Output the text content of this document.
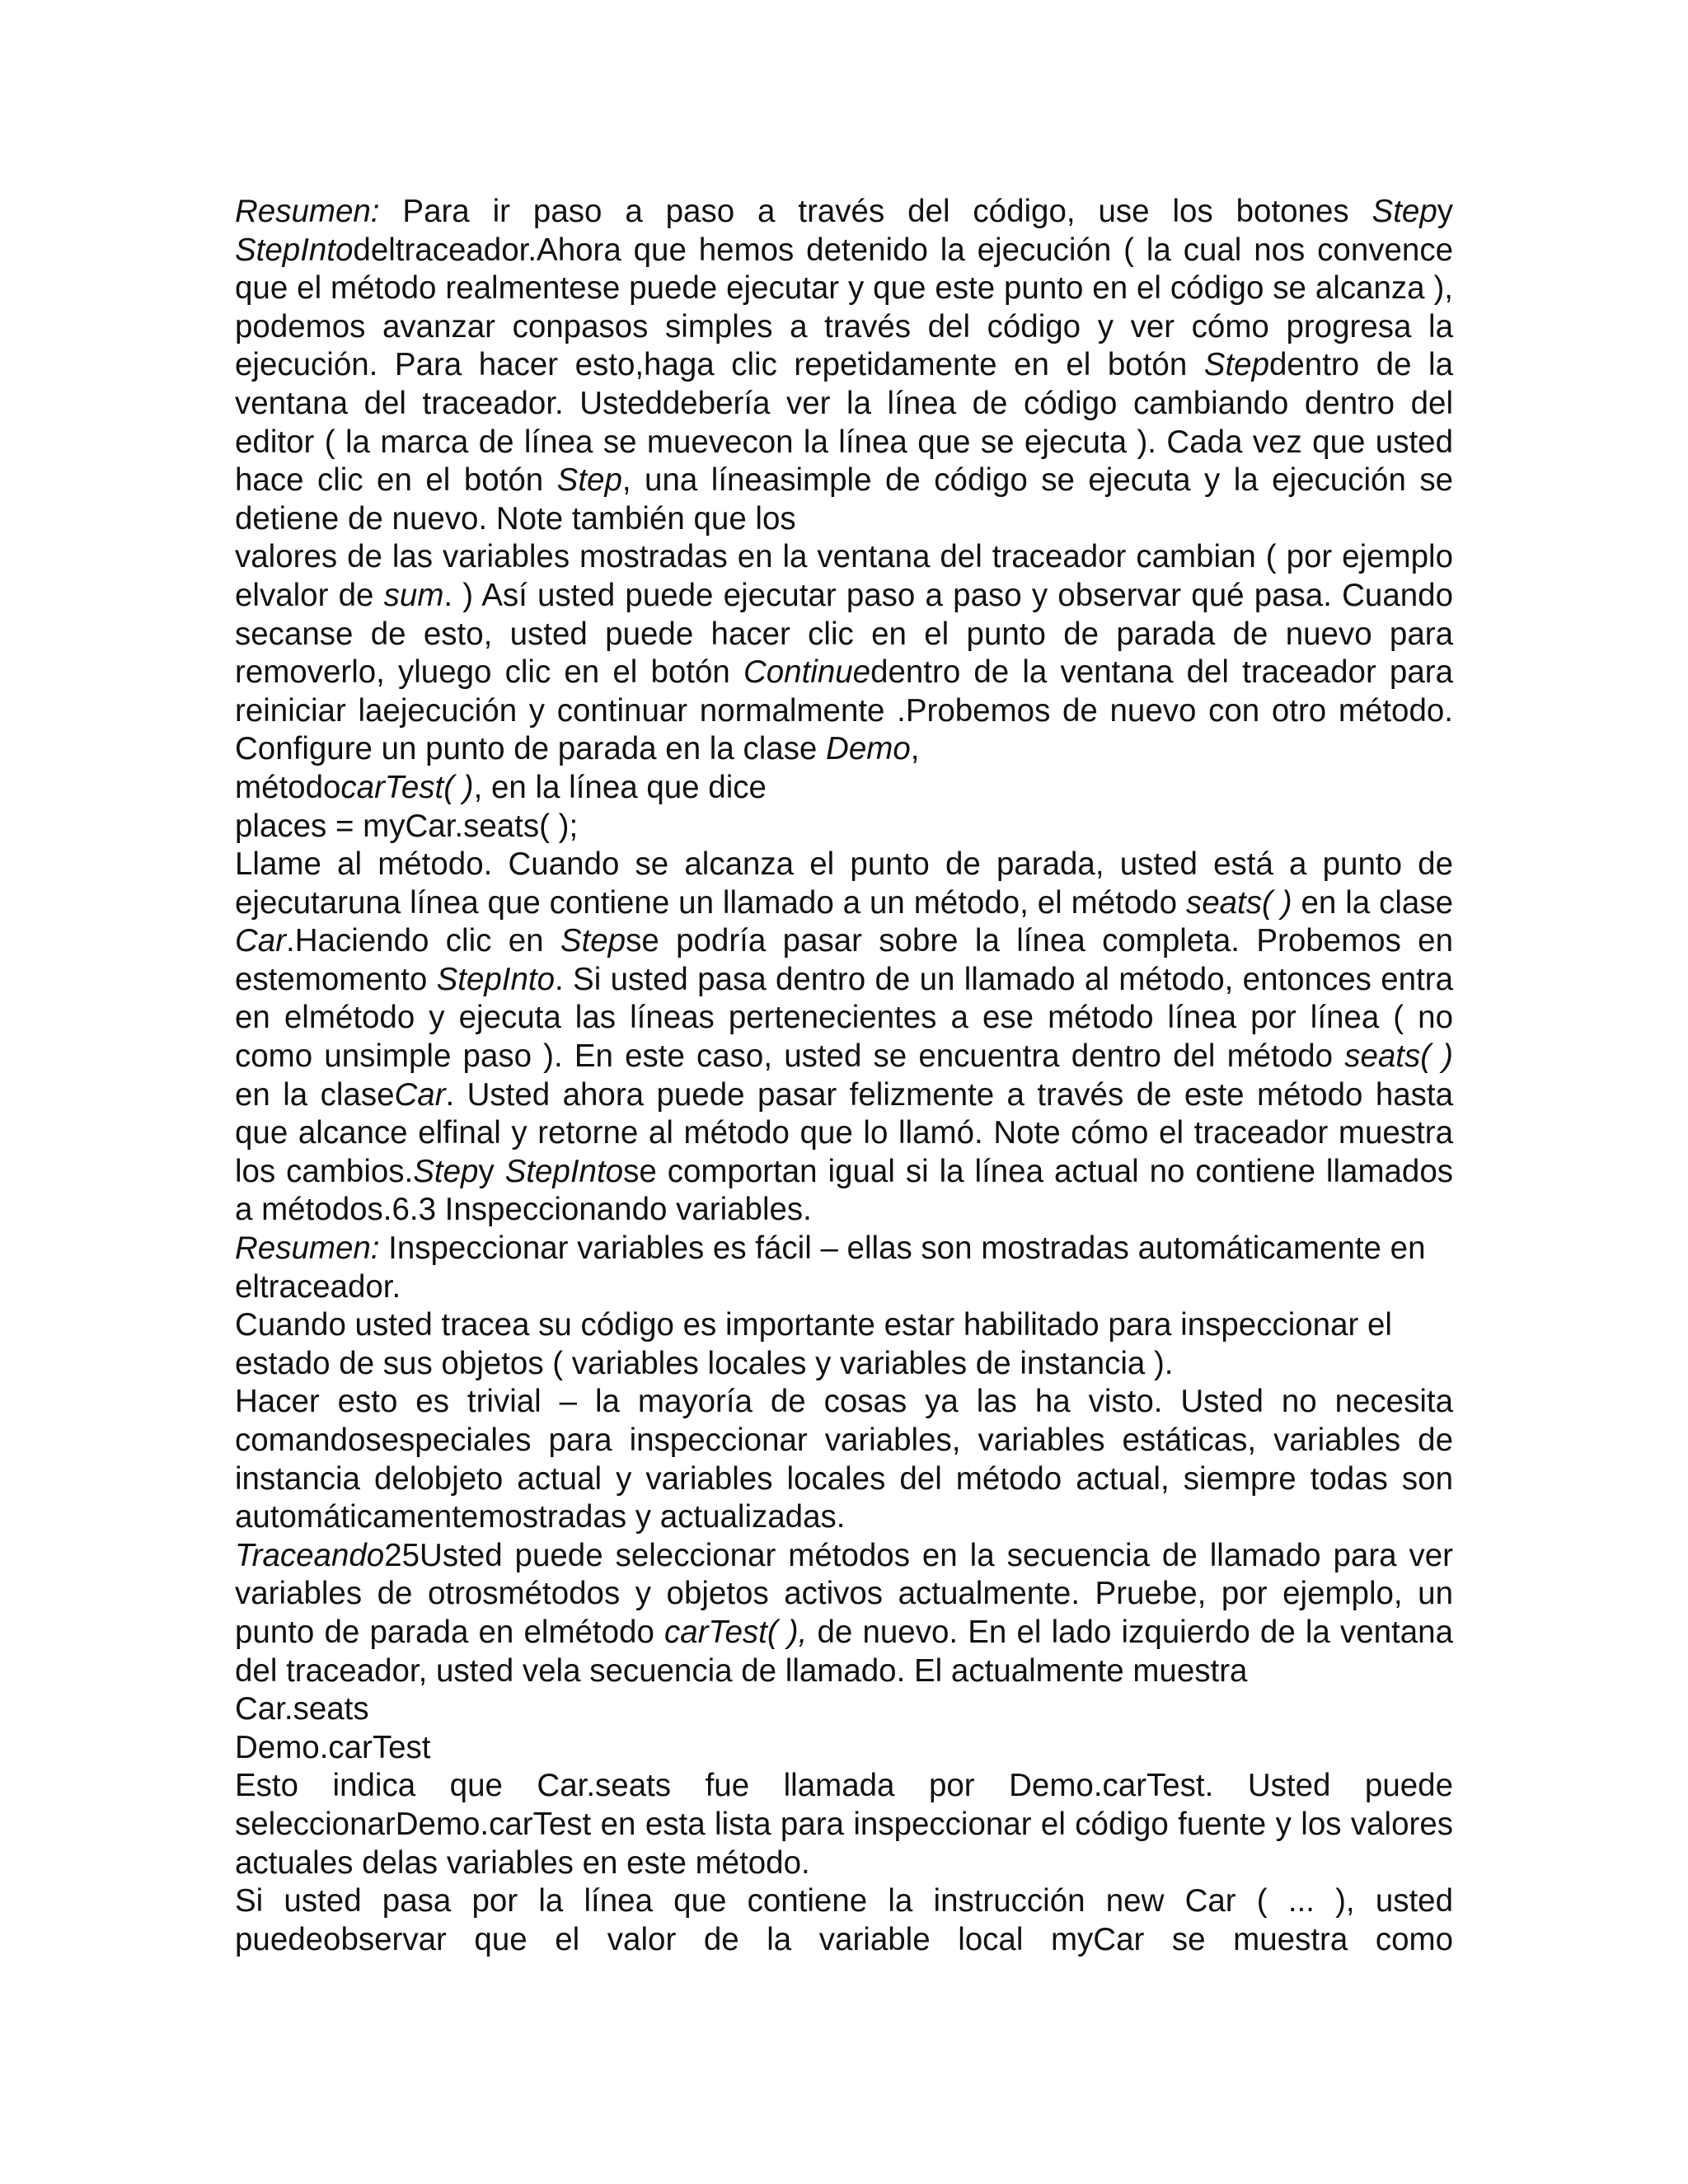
Resumen: Para ir paso a paso a través del código, use los botones Stepy StepIntodeltraceador.Ahora que hemos detenido la ejecución ( la cual nos convence que el método realmentese puede ejecutar y que este punto en el código se alcanza ), podemos avanzar conpasos simples a través del código y ver cómo progresa la ejecución. Para hacer esto,haga clic repetidamente en el botón Stepdentro de la ventana del traceador. Usteddebería ver la línea de código cambiando dentro del editor ( la marca de línea se muevecon la línea que se ejecuta ). Cada vez que usted hace clic en el botón Step, una líneasimple de código se ejecuta y la ejecución se detiene de nuevo. Note también que los

valores de las variables mostradas en la ventana del traceador cambian ( por ejemplo elvalor de sum. ) Así usted puede ejecutar paso a paso y observar qué pasa. Cuando secanse de esto, usted puede hacer clic en el punto de parada de nuevo para removerlo, yluego clic en el botón Continuedentro de la ventana del traceador para reiniciar laejecución y continuar normalmente .Probemos de nuevo con otro método. Configure un punto de parada en la clase Demo,

métodocarTest( ), en la línea que dice

places = myCar.seats( );

Llame al método. Cuando se alcanza el punto de parada, usted está a punto de ejecutaruna línea que contiene un llamado a un método, el método seats( ) en la clase Car.Haciendo clic en Stepse podría pasar sobre la línea completa. Probemos en estemomento StepInto. Si usted pasa dentro de un llamado al método, entonces entra en elmétodo y ejecuta las líneas pertenecientes a ese método línea por línea ( no como unsimple paso ). En este caso, usted se encuentra dentro del método seats( ) en la claseCar. Usted ahora puede pasar felizmente a través de este método hasta que alcance elfinal y retorne al método que lo llamó. Note cómo el traceador muestra los cambios.Stepy StepIntose comportan igual si la línea actual no contiene llamados a métodos.6.3 Inspeccionando variables.

Resumen: Inspeccionar variables es fácil – ellas son mostradas automáticamente en eltraceador.

Cuando usted tracea su código es importante estar habilitado para inspeccionar el estado de sus objetos ( variables locales y variables de instancia ).

Hacer esto es trivial – la mayoría de cosas ya las ha visto. Usted no necesita comandosespeciales para inspeccionar variables, variables estáticas, variables de instancia delobjeto actual y variables locales del método actual, siempre todas son automáticamentemostradas y actualizadas.

Traceando25Usted puede seleccionar métodos en la secuencia de llamado para ver variables de otrosmétodos y objetos activos actualmente. Pruebe, por ejemplo, un punto de parada en elmétodo carTest( ), de nuevo. En el lado izquierdo de la ventana del traceador, usted vela secuencia de llamado. El actualmente muestra

Car.seats

Demo.carTest

Esto indica que Car.seats fue llamada por Demo.carTest. Usted puede seleccionarDemo.carTest en esta lista para inspeccionar el código fuente y los valores actuales delas variables en este método.

Si usted pasa por la línea que contiene la instrucción new Car ( ... ), usted puedeobservar que el valor de la variable local myCar se muestra como
